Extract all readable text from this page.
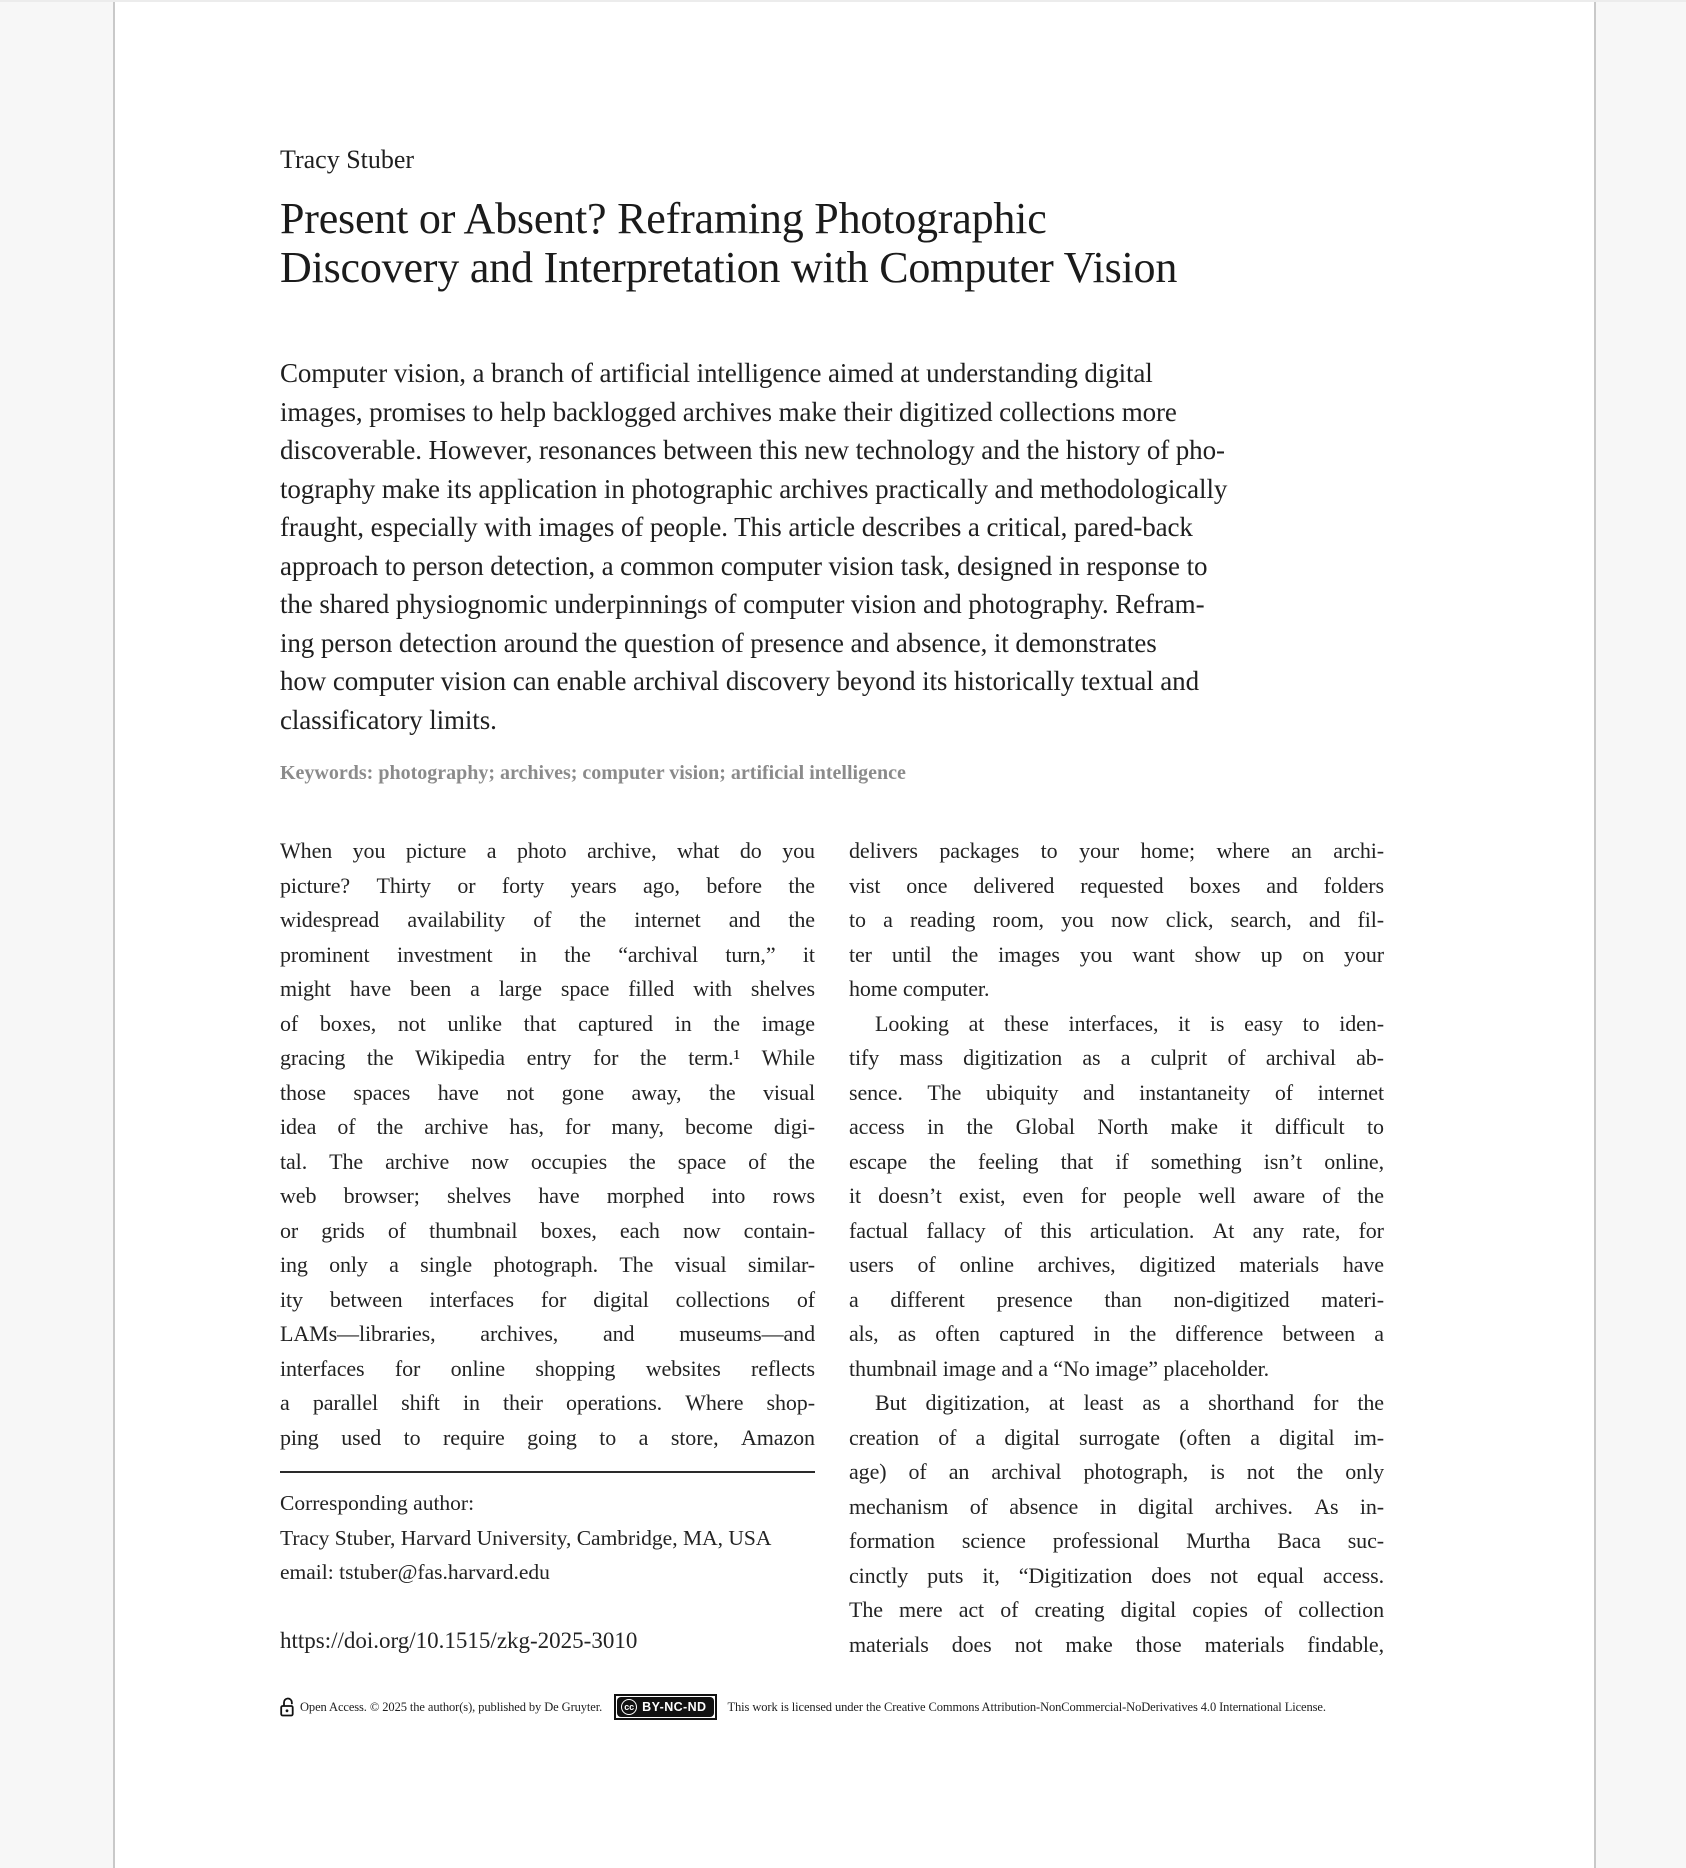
Tracy Stuber
Present or Absent? Reframing Photographic
Discovery and Interpretation with Computer Vision
Computer vision, a branch of artificial intelligence aimed at understanding digital
images, promises to help backlogged archives make their digitized collections more
discoverable. However, resonances between this new technology and the history of pho-
tography make its application in photographic archives practically and methodologically
fraught, especially with images of people. This article describes a critical, pared-back
approach to person detection, a common computer vision task, designed in response to
the shared physiognomic underpinnings of computer vision and photography. Refram-
ing person detection around the question of presence and absence, it demonstrates
how computer vision can enable archival discovery beyond its historically textual and
classificatory limits.
Keywords: photography; archives; computer vision; artificial intelligence
When you picture a photo archive, what do you
picture? Thirty or forty years ago, before the
widespread availability of the internet and the
prominent investment in the “archival turn,” it
might have been a large space filled with shelves
of boxes, not unlike that captured in the image
gracing the Wikipedia entry for the term.¹ While
those spaces have not gone away, the visual
idea of the archive has, for many, become digi-
tal. The archive now occupies the space of the
web browser; shelves have morphed into rows
or grids of thumbnail boxes, each now contain-
ing only a single photograph. The visual similar-
ity between interfaces for digital collections of
LAMs—libraries, archives, and museums—and
interfaces for online shopping websites reflects
a parallel shift in their operations. Where shop-
ping used to require going to a store, Amazon
delivers packages to your home; where an archi-
vist once delivered requested boxes and folders
to a reading room, you now click, search, and fil-
ter until the images you want show up on your
home computer.
Looking at these interfaces, it is easy to iden-
tify mass digitization as a culprit of archival ab-
sence. The ubiquity and instantaneity of internet
access in the Global North make it difficult to
escape the feeling that if something isn’t online,
it doesn’t exist, even for people well aware of the
factual fallacy of this articulation. At any rate, for
users of online archives, digitized materials have
a different presence than non-digitized materi-
als, as often captured in the difference between a
thumbnail image and a “No image” placeholder.
But digitization, at least as a shorthand for the
creation of a digital surrogate (often a digital im-
age) of an archival photograph, is not the only
mechanism of absence in digital archives. As in-
formation science professional Murtha Baca suc-
cinctly puts it, “Digitization does not equal access.
The mere act of creating digital copies of collection
materials does not make those materials findable,
Corresponding author:
Tracy Stuber, Harvard University, Cambridge, MA, USA
email: tstuber@fas.harvard.edu
https://doi.org/10.1515/zkg-2025-3010
Open Access. © 2025 the author(s), published by De Gruyter.	cc BY-NC-ND This work is licensed under the Creative Commons Attribution-NonCommercial-NoDerivatives 4.0 International License.
